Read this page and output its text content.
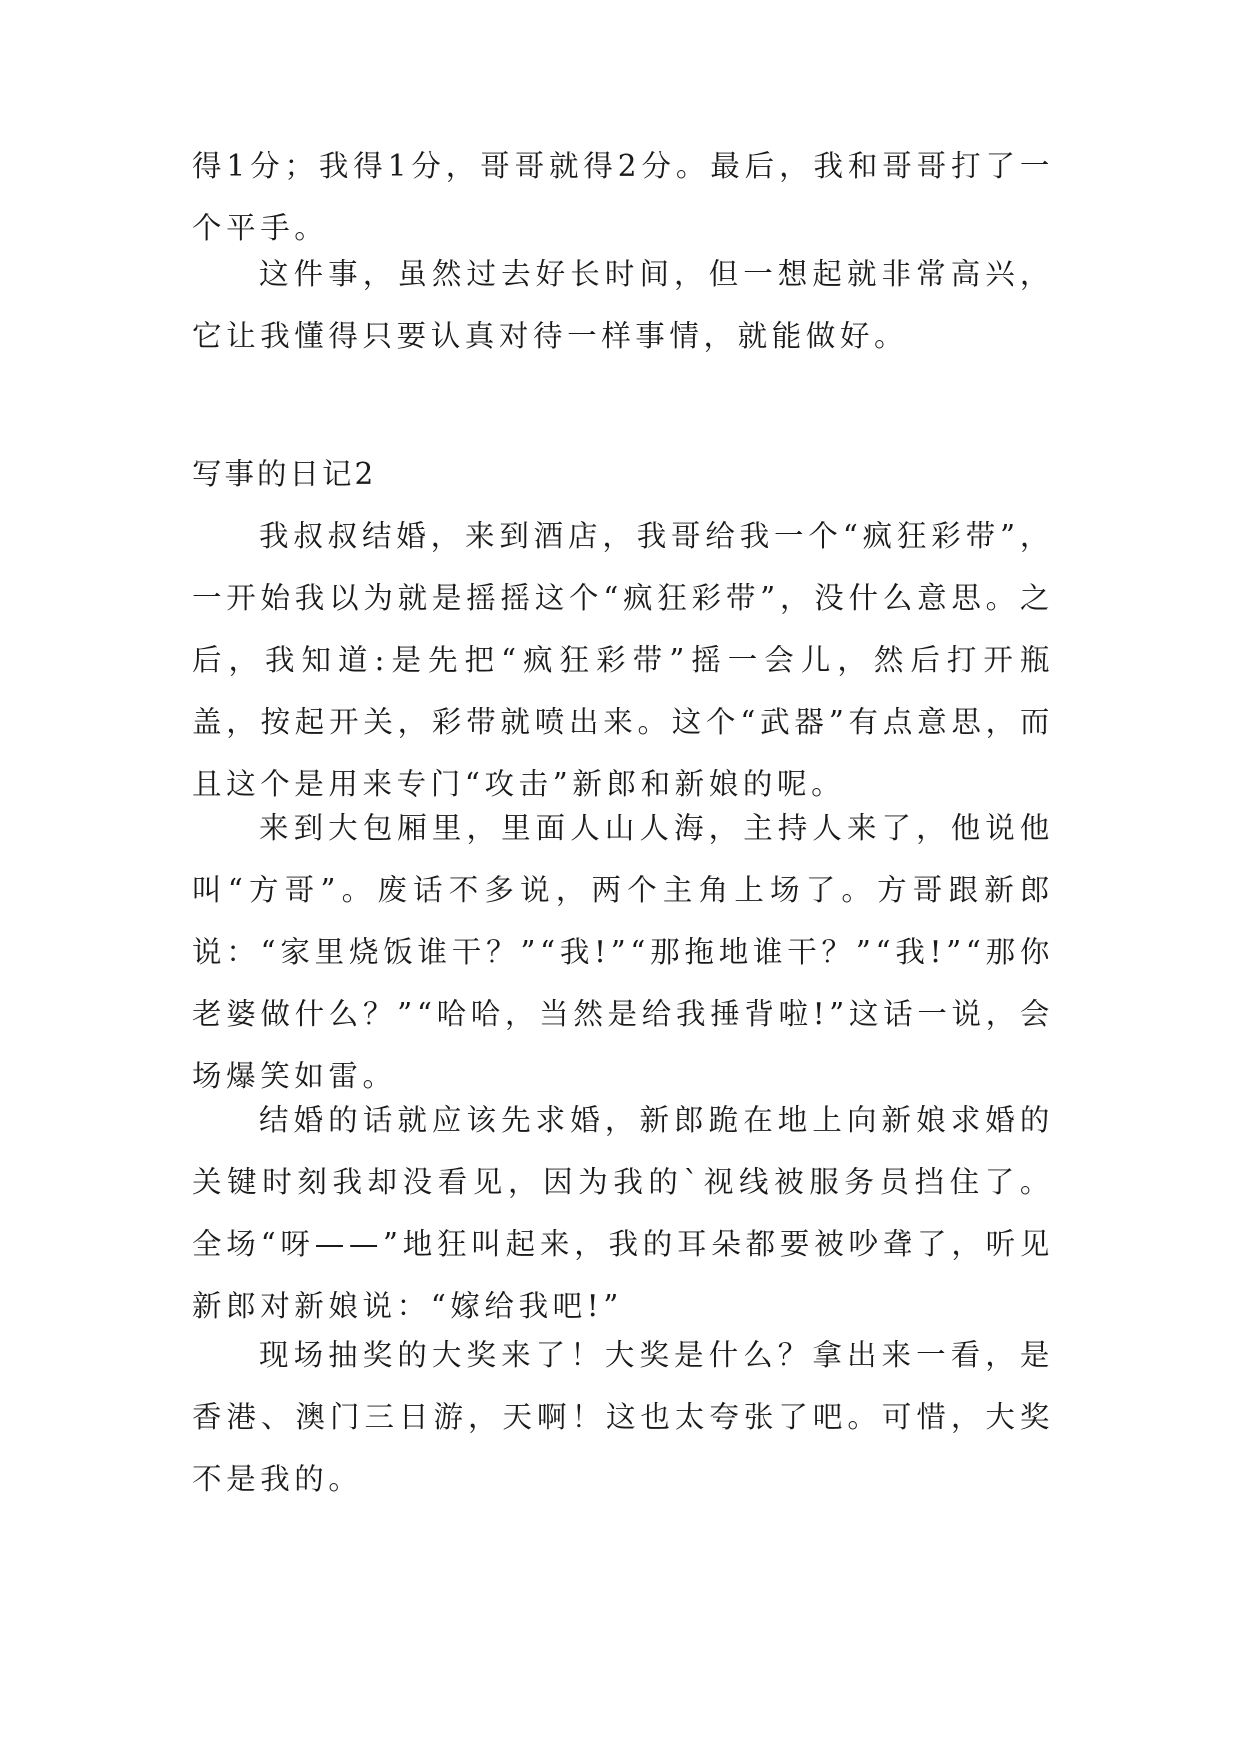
得1分；我得1分，哥哥就得2分。最后，我和哥哥打了一个平手。

这件事，虽然过去好长时间，但一想起就非常高兴，它让我懂得只要认真对待一样事情，就能做好。

写事的日记2

我叔叔结婚，来到酒店，我哥给我一个“疯狂彩带”，一开始我以为就是摇摇这个“疯狂彩带”，没什么意思。之后，我知道:是先把“疯狂彩带”摇一会儿，然后打开瓶盖，按起开关，彩带就喷出来。这个“武器”有点意思，而且这个是用来专门“攻击”新郎和新娘的呢。

来到大包厢里，里面人山人海，主持人来了，他说他叫“方哥”。废话不多说，两个主角上场了。方哥跟新郎说：“家里烧饭谁干？”“我!”“那拖地谁干？”“我!”“那你老婆做什么？”“哈哈，当然是给我捶背啦!”这话一说，会场爆笑如雷。

结婚的话就应该先求婚，新郎跪在地上向新娘求婚的关键时刻我却没看见，因为我的`视线被服务员挡住了。全场“呀——”地狂叫起来，我的耳朵都要被吵聋了，听见新郎对新娘说：“嫁给我吧!”

现场抽奖的大奖来了！大奖是什么？拿出来一看，是香港、澳门三日游，天啊！这也太夸张了吧。可惜，大奖不是我的。
